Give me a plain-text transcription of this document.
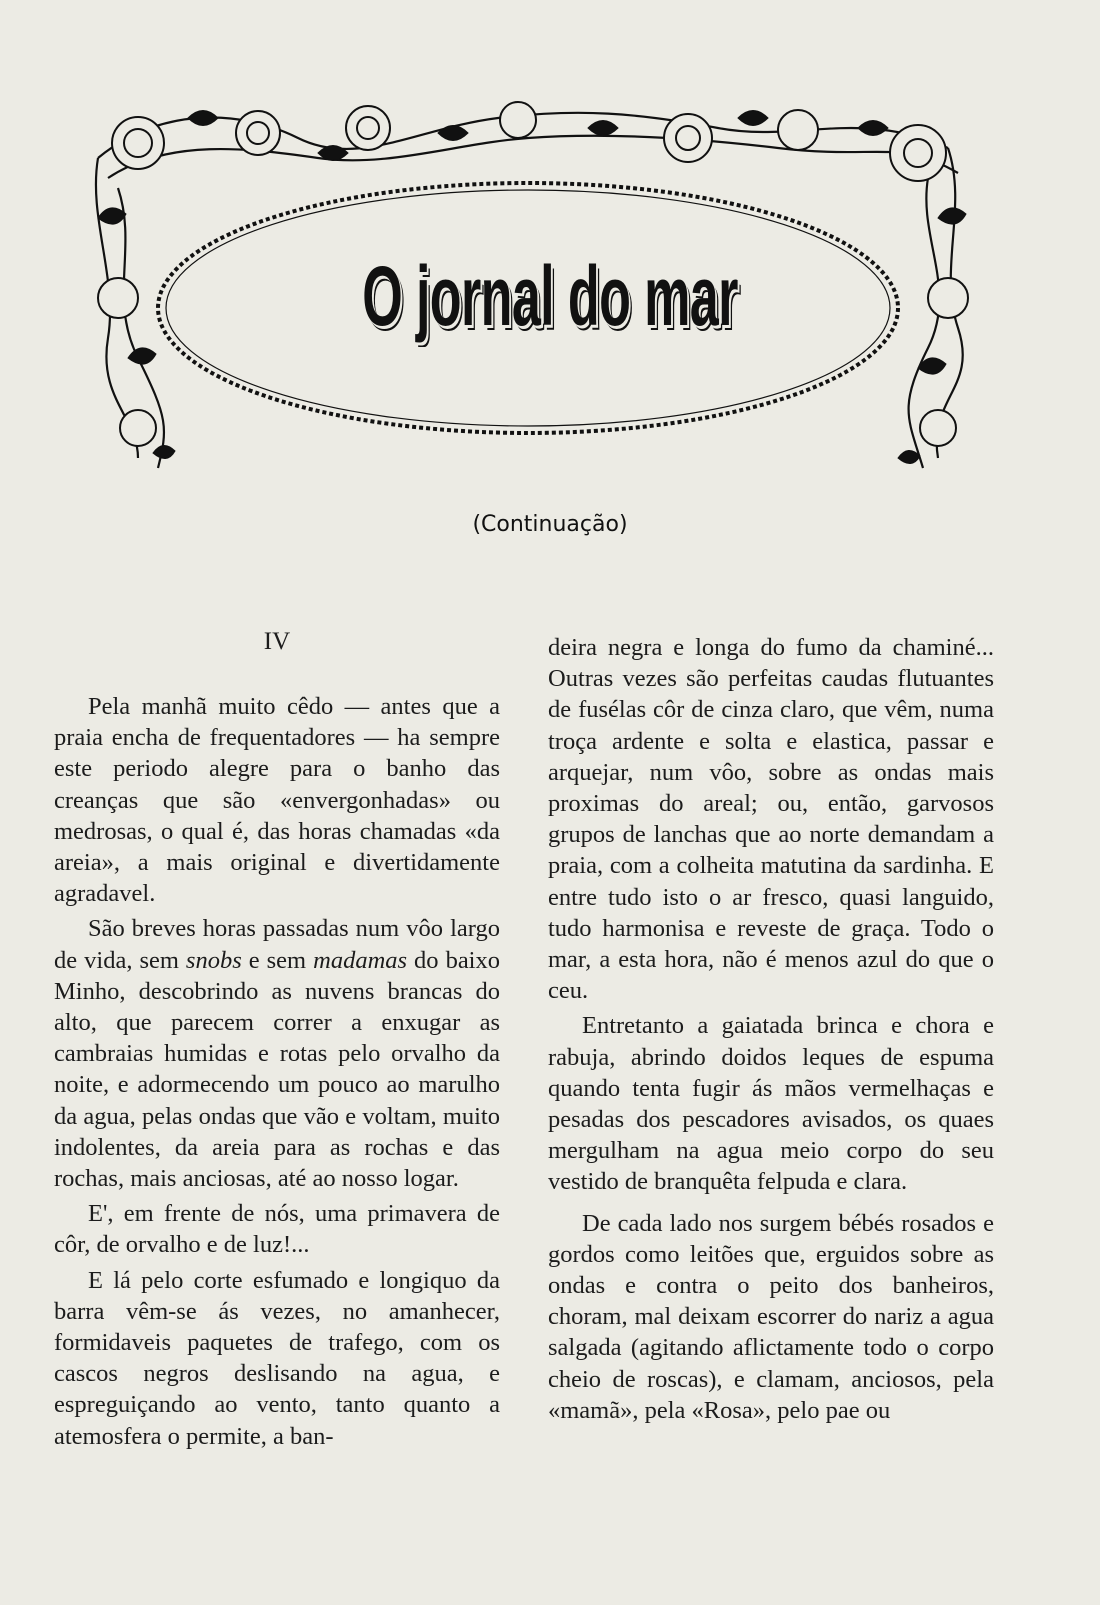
O jornal do mar
(Continuação)
IV

Pela manhã muito cêdo — antes que a praia encha de frequentadores — ha sempre este periodo alegre para o banho das creanças que são «envergonhadas» ou medrosas, o qual é, das horas chamadas «da areia», a mais original e divertidamente agradavel.

São breves horas passadas num vôo largo de vida, sem snobs e sem madamas do baixo Minho, descobrindo as nuvens brancas do alto, que parecem correr a enxugar as cambraias humidas e rotas pelo orvalho da noite, e adormecendo um pouco ao marulho da agua, pelas ondas que vão e voltam, muito indolentes, da areia para as rochas e das rochas, mais anciosas, até ao nosso logar.

E', em frente de nós, uma primavera de côr, de orvalho e de luz!...

E lá pelo corte esfumado e longiquo da barra vêm-se ás vezes, no amanhecer, formidaveis paquetes de trafego, com os cascos negros deslisando na agua, e espreguiçando ao vento, tanto quanto a atemosfera o permite, a ban-

deira negra e longa do fumo da chaminé... Outras vezes são perfeitas caudas flutuantes de fusélas côr de cinza claro, que vêm, numa troça ardente e solta e elastica, passar e arquejar, num vôo, sobre as ondas mais proximas do areal; ou, então, garvosos grupos de lanchas que ao norte demandam a praia, com a colheita matutina da sardinha. E entre tudo isto o ar fresco, quasi languido, tudo harmonisa e reveste de graça. Todo o mar, a esta hora, não é menos azul do que o ceu.

Entretanto a gaiatada brinca e chora e rabuja, abrindo doidos leques de espuma quando tenta fugir ás mãos vermelhaças e pesadas dos pescadores avisados, os quaes mergulham na agua meio corpo do seu vestido de branquêta felpuda e clara.

De cada lado nos surgem bébés rosados e gordos como leitões que, erguidos sobre as ondas e contra o peito dos banheiros, choram, mal deixam escorrer do nariz a agua salgada (agitando aflictamente todo o corpo cheio de roscas), e clamam, anciosos, pela «mamã», pela «Rosa», pelo pae ou
